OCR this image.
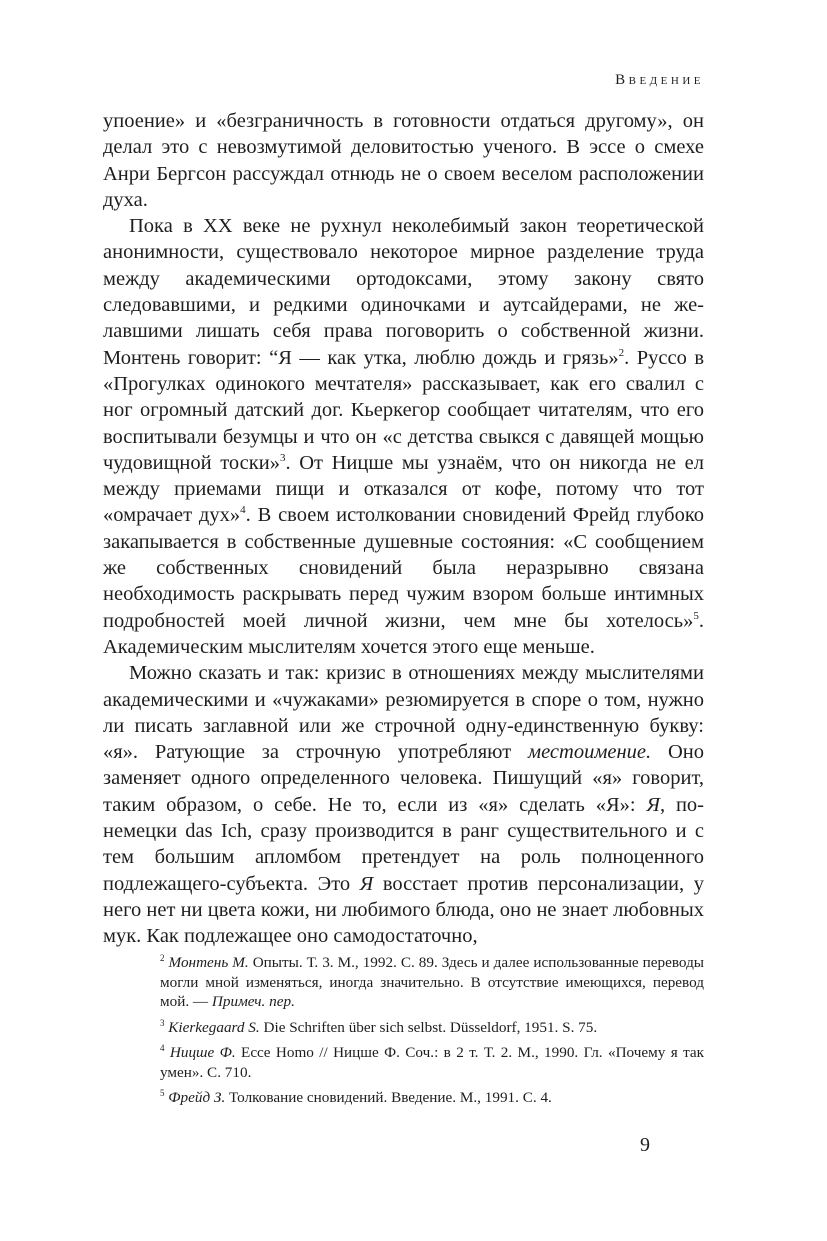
Введение

упоение» и «безграничность в готовности отдаться другому», он делал это с невозмутимой деловитостью ученого. В эссе о смехе Анри Бергсон рассуждал отнюдь не о своем веселом расположении духа.

Пока в XX веке не рухнул неколебимый закон теоретической анонимности, существовало некоторое мирное разделение труда между академическими ортодоксами, этому закону свято следовавшими, и редкими одиночками и аутсайдерами, не желавшими лишать себя права поговорить о собственной жизни. Монтень говорит: “Я — как утка, люблю дождь и грязь»$^2$. Руссо в «Прогулках одинокого мечтателя» рассказывает, как его свалил с ног огромный датский дог. Кьеркегор сообщает читателям, что его воспитывали безумцы и что он «с детства свыкся с давящей мощью чудовищной тоски»$^3$. От Ницше мы узнаём, что он никогда не ел между приемами пищи и отказался от кофе, потому что тот «омрачает дух»$^4$. В своем истолковании сновидений Фрейд глубоко закапывается в собственные душевные состояния: «С сообщением же собственных сновидений была неразрывно связана необходимость раскрывать перед чужим взором больше интимных подробностей моей личной жизни, чем мне бы хотелось»$^5$. Академическим мыслителям хочется этого еще меньше.

Можно сказать и так: кризис в отношениях между мыслителями академическими и «чужаками» резюмируется в споре о том, нужно ли писать заглавной или же строчной одну-единственную букву: «я». Ратующие за строчную употребляют местоимение. Оно заменяет одного определенного человека. Пишущий «я» говорит, таким образом, о себе. Не то, если из «я» сделать «Я»: Я, по-немецки das Ich, сразу производится в ранг существительного и с тем большим апломбом претендует на роль полноценного подлежащего-субъекта. Это Я восстает против персонализации, у него нет ни цвета кожи, ни любимого блюда, оно не знает любовных мук. Как подлежащее оно самодостаточно,

$^2$ Монтень М. Опыты. Т. 3. М., 1992. С. 89. Здесь и далее использованные переводы могли мной изменяться, иногда значительно. В отсутствие имеющихся, перевод мой. — Примеч. пер.
$^3$ Kierkegaard S. Die Schriften über sich selbst. Düsseldorf, 1951. S. 75.
$^4$ Ницше Ф. Ecce Homo // Ницше Ф. Соч.: в 2 т. Т. 2. М., 1990. Гл. «Почему я так умен». С. 710.
$^5$ Фрейд З. Толкование сновидений. Введение. М., 1991. С. 4.
9
